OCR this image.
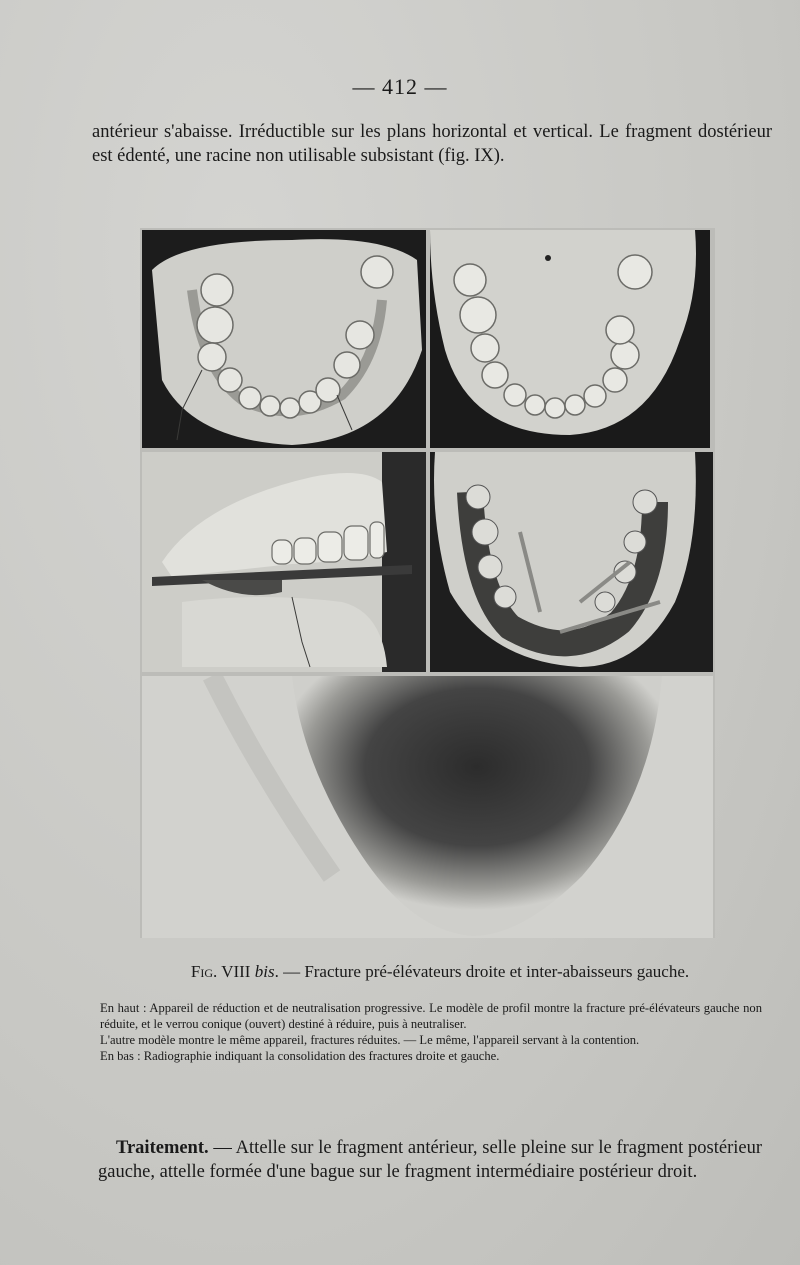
— 412 —
antérieur s'abaisse. Irréductible sur les plans horizontal et vertical. Le fragment dostérieur est édenté, une racine non utilisable subsistant (fig. IX).
Fig. VIII bis. — Fracture pré-élévateurs droite et inter-abaisseurs gauche.

En haut : Appareil de réduction et de neutralisation progressive. Le modèle de profil montre la fracture pré-élévateurs gauche non réduite, et le verrou conique (ouvert) destiné à réduire, puis à neutraliser.

L'autre modèle montre le même appareil, fractures réduites. — Le même, l'appareil servant à la contention.

En bas : Radiographie indiquant la consolidation des fractures droite et gauche.

Traitement. — Attelle sur le fragment antérieur, selle pleine sur le fragment postérieur gauche, attelle formée d'une bague sur le fragment intermédiaire postérieur droit.
